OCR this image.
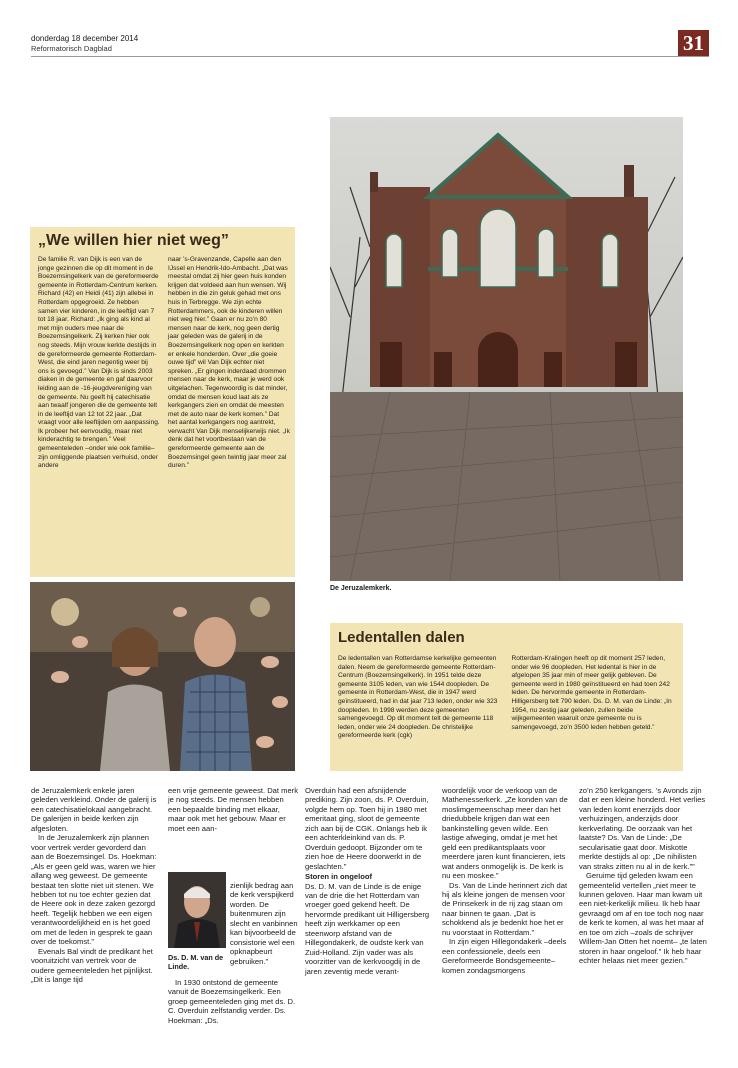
donderdag 18 december 2014
Reformatorisch Dagblad	31
„We willen hier niet weg”

De familie R. van Dijk is een van de jonge gezinnen die op dit moment in de Boezemsingelkerk van de gereformeerde gemeente in Rotterdam-Centrum kerken. Richard (42) en Heidi (41) zijn allebei in Rotterdam opgegroeid. Ze hebben samen vier kinderen, in de leeftijd van 7 tot 18 jaar. Richard: „Ik ging als kind al met mijn ouders mee naar de Boezemsingelkerk. Zij kerken hier ook nog steeds. Mijn vrouw kerkte destijds in de gereformeerde gemeente Rotterdam-West, die eind jaren negentig weer bij ons is gevoegd.” Van Dijk is sinds 2003 diaken in de gemeente en gaf daarvoor leiding aan de -16-jeugdvereniging van de gemeente. Nu geeft hij catechisatie aan twaalf jongeren die de gemeente telt in de leeftijd van 12 tot 22 jaar. „Dat vraagt voor alle leeftijden om aanpassing. Ik probeer het eenvoudig, maar niet kinderachtig te brengen.” Veel gemeenteleden –onder wie ook familie– zijn omliggende plaatsen verhuisd, onder andere

naar ’s-Gravenzande, Capelle aan den IJssel en Hendrik-Ido-Ambacht. „Dat was meestal omdat zij hier geen huis konden krijgen dat voldeed aan hun wensen. Wij hebben in die zin geluk gehad met ons huis in Terbregge. We zijn echte Rotterdammers, ook de kinderen willen niet weg hier.” Gaan er nu zo’n 80 mensen naar de kerk, nog geen dertig jaar geleden was de galerij in de Boezemsingelkerk nog open en kerkten er enkele honderden. Over „die goeie ouwe tijd” wil Van Dijk echter niet spreken. „Er gingen inderdaad drommen mensen naar de kerk, maar je werd ook uitgelachen. Tegenwoordig is dat minder, omdat de mensen koud laat als ze kerkgangers zien en omdat de meesten met de auto naar de kerk komen.” Dat het aantal kerkgangers nog aantrekt, verwacht Van Dijk menselijkerwijs niet. „Ik denk dat het voortbestaan van de gereformeerde gemeente aan de Boezemsingel geen twintig jaar meer zal duren.”

De Jeruzalemkerk.
Ledentallen dalen

De ledentallen van Rotterdamse kerkelijke gemeenten dalen. Neem de gereformeerde gemeente Rotterdam-Centrum (Boezemsingelkerk). In 1951 telde deze gemeente 3105 leden, van wie 1544 doopleden. De gemeente in Rotterdam-West, die in 1947 werd geïnstitueerd, had in dat jaar 713 leden, onder wie 323 doopleden. In 1998 werden deze gemeenten samengevoegd. Op dit moment telt de gemeente 118 leden, onder wie 24 doopleden. De christelijke gereformeerde kerk (cgk)

Rotterdam-Kralingen heeft op dit moment 257 leden, onder wie 96 doopleden. Het ledental is hier in de afgelopen 35 jaar min of meer gelijk gebleven. De gemeente werd in 1980 geïnstitueerd en had toen 242 leden. De hervormde gemeente in Rotterdam-Hilligersberg telt 790 leden. Ds. D. M. van de Linde: „In 1954, nu zestig jaar geleden, zullen beide wijkgemeenten waaruit onze gemeente nu is samengevoegd, zo’n 3500 leden hebben geteld.”

de Jeruzalemkerk enkele jaren geleden verkleind. Onder de galerij is een catechisatielokaal aangebracht. De galerijen in beide kerken zijn afgesloten.

In de Jeruzalemkerk zijn plannen voor vertrek verder gevorderd dan aan de Boezemsingel. Ds. Hoekman: „Als er geen geld was, waren we hier allang weg geweest. De gemeente bestaat ten slotte niet uit stenen. We hebben tot nu toe echter gezien dat de Heere ook in deze zaken gezorgd heeft. Tegelijk hebben we een eigen verantwoordelijkheid en is het goed om met de leden in gesprek te gaan over de toekomst.”

Evenals Bal vindt de predikant het vooruitzicht van vertrek voor de oudere gemeenteleden het pijnlijkst. „Dit is lange tijd

een vrije gemeente geweest. Dat merk je nog steeds. De mensen hebben een bepaalde binding met elkaar, maar ook met het gebouw. Maar er moet een aan-

Ds. D. M. van de Linde.

zienlijk bedrag aan de kerk verspijkerd worden. De buitenmuren zijn slecht en vanbinnen kan bijvoorbeeld de consistorie wel een opknapbeurt gebruiken.”

In 1930 ontstond de gemeente vanuit de Boezemsingelkerk. Een groep gemeenteleden ging met ds. D. C. Overduin zelfstandig verder. Ds. Hoekman: „Ds.

Overduin had een afsnijdende prediking. Zijn zoon, ds. P. Overduin, volgde hem op. Toen hij in 1980 met emeritaat ging, sloot de gemeente zich aan bij de CGK. Onlangs heb ik een achterkleinkind van ds. P. Overduin gedoopt. Bijzonder om te zien hoe de Heere doorwerkt in de geslachten.”

Storen in ongeloof

Ds. D. M. van de Linde is de enige van de drie die het Rotterdam van vroeger goed gekend heeft. De hervormde predikant uit Hilligersberg heeft zijn werkkamer op een steenworp afstand van de Hillegondakerk, de oudste kerk van Zuid-Holland. Zijn vader was als voorzitter van de kerkvoogdij in de jaren zeventig mede verant-

woordelijk voor de verkoop van de Mathenesserkerk. „Ze konden van de moslimgemeenschap meer dan het driedubbele krijgen dan wat een bankinstelling geven wilde. Een lastige afweging, omdat je met het geld een predikantsplaats voor meerdere jaren kunt financieren, iets wat anders onmogelijk is. De kerk is nu een moskee.”

Ds. Van de Linde herinnert zich dat hij als kleine jongen de mensen voor de Prinsekerk in de rij zag staan om naar binnen te gaan. „Dat is schokkend als je bedenkt hoe het er nu voorstaat in Rotterdam.”

In zijn eigen Hillegondakerk –deels een confessionele, deels een Gereformeerde Bondsgemeente– komen zondagsmorgens

zo’n 250 kerkgangers. ’s Avonds zijn dat er een kleine honderd. Het verlies van leden komt enerzijds door verhuizingen, anderzijds door kerkverlating. De oorzaak van het laatste? Ds. Van de Linde: „De secularisatie gaat door. Miskotte merkte destijds al op: „De nihilisten van straks zitten nu al in de kerk.””

Geruime tijd geleden kwam een gemeentelid vertellen „niet meer te kunnen geloven. Haar man kwam uit een niet-kerkelijk milieu. Ik heb haar gevraagd om af en toe toch nog naar de kerk te komen, al was het maar af en toe om zich –zoals de schrijver Willem-Jan Otten het noemt– „te laten storen in haar ongeloof.” Ik heb haar echter helaas niet meer gezien.”
